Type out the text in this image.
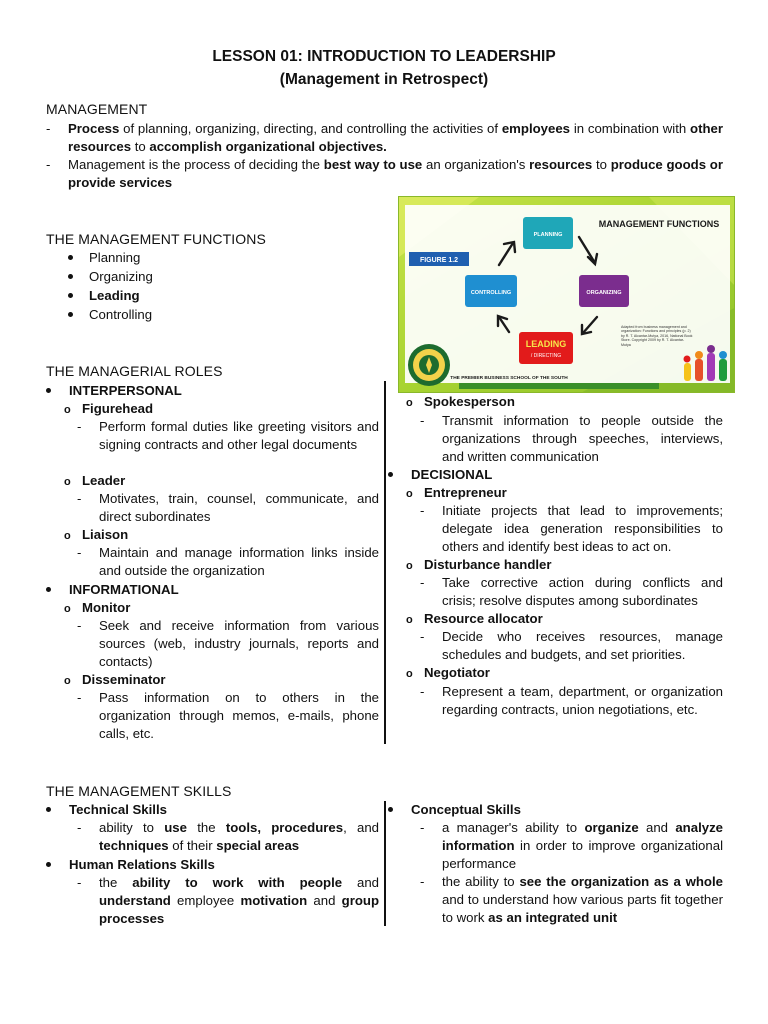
LESSON 01: INTRODUCTION TO LEADERSHIP
(Management in Retrospect)
MANAGEMENT
-	Process of planning, organizing, directing, and controlling the activities of employees in combination with other resources to accomplish organizational objectives.
-	Management is the process of deciding the best way to use an organization's resources to produce goods or provide services
THE MANAGEMENT FUNCTIONS
Planning
Organizing
Leading
Controlling
MANAGEMENT FUNCTIONS
FIGURE 1.2
PLANNING
ORGANIZING
CONTROLLING
LEADING
/ DIRECTING
THE PREMIER BUSINESS SCHOOL OF THE SOUTH
Adapted from business management and organization: Functions and principles (p. 2) by R. T. Alcantar-Mutya, 2016, National Book Store. Copyright 2009 by R. T. Alcantar-Mutya
THE MANAGERIAL ROLES
INTERPERSONAL
o Figurehead
-	Perform formal duties like greeting visitors and signing contracts and other legal documents
o Leader
-	Motivates, train, counsel, communicate, and direct subordinates
o Liaison
-	Maintain and manage information links inside and outside the organization
INFORMATIONAL
o Monitor
-	Seek and receive information from various sources (web, industry journals, reports and contacts)
o Disseminator
-	Pass information on to others in the organization through memos, e-mails, phone calls, etc.
o Spokesperson
-	Transmit information to people outside the organizations through speeches, interviews, and written communication
DECISIONAL
o Entrepreneur
-	Initiate projects that lead to improvements; delegate idea generation responsibilities to others and identify best ideas to act on.
o Disturbance handler
-	Take corrective action during conflicts and crisis; resolve disputes among subordinates
o Resource allocator
-	Decide who receives resources, manage schedules and budgets, and set priorities.
o Negotiator
-	Represent a team, department, or organization regarding contracts, union negotiations, etc.
THE MANAGEMENT SKILLS
Technical Skills
-	ability to use the tools, procedures, and techniques of their special areas
Human Relations Skills
-	the ability to work with people and understand employee motivation and group processes
Conceptual Skills
-	a manager's ability to organize and analyze information in order to improve organizational performance
-	the ability to see the organization as a whole and to understand how various parts fit together to work as an integrated unit
